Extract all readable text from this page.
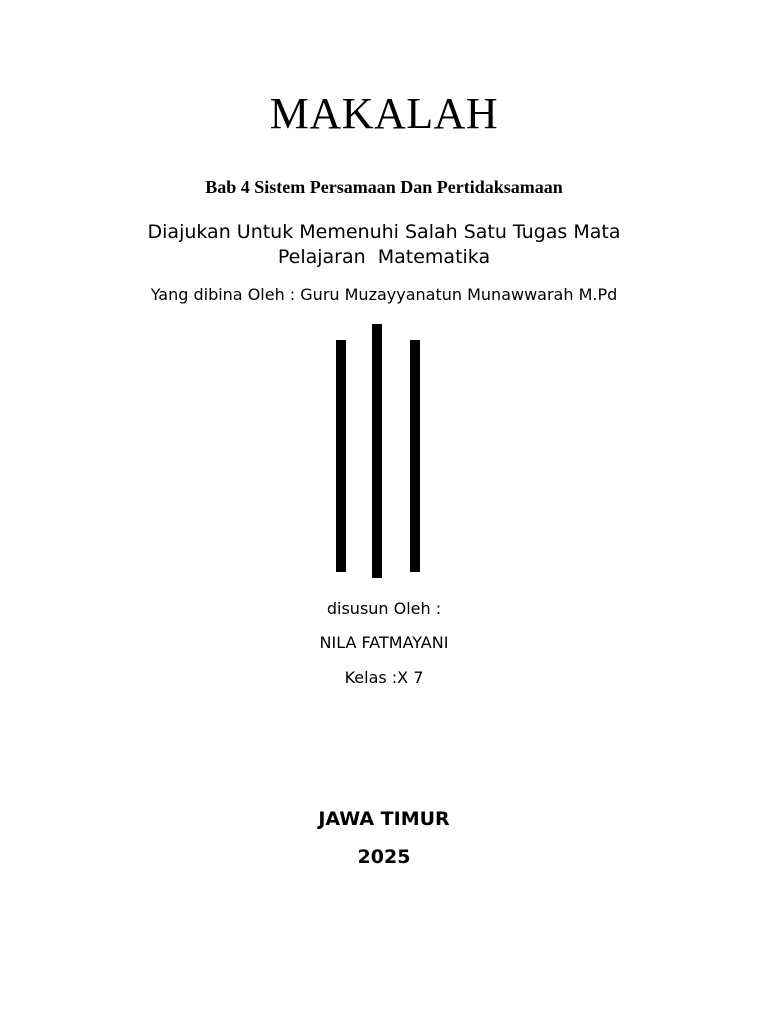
MAKALAH
Bab 4 Sistem Persamaan Dan Pertidaksamaan
Diajukan Untuk Memenuhi Salah Satu Tugas Mata
Pelajaran  Matematika
Yang dibina Oleh : Guru Muzayyanatun Munawwarah M.Pd
disusun Oleh :
NILA FATMAYANI
Kelas :X 7
JAWA TIMUR
2025
